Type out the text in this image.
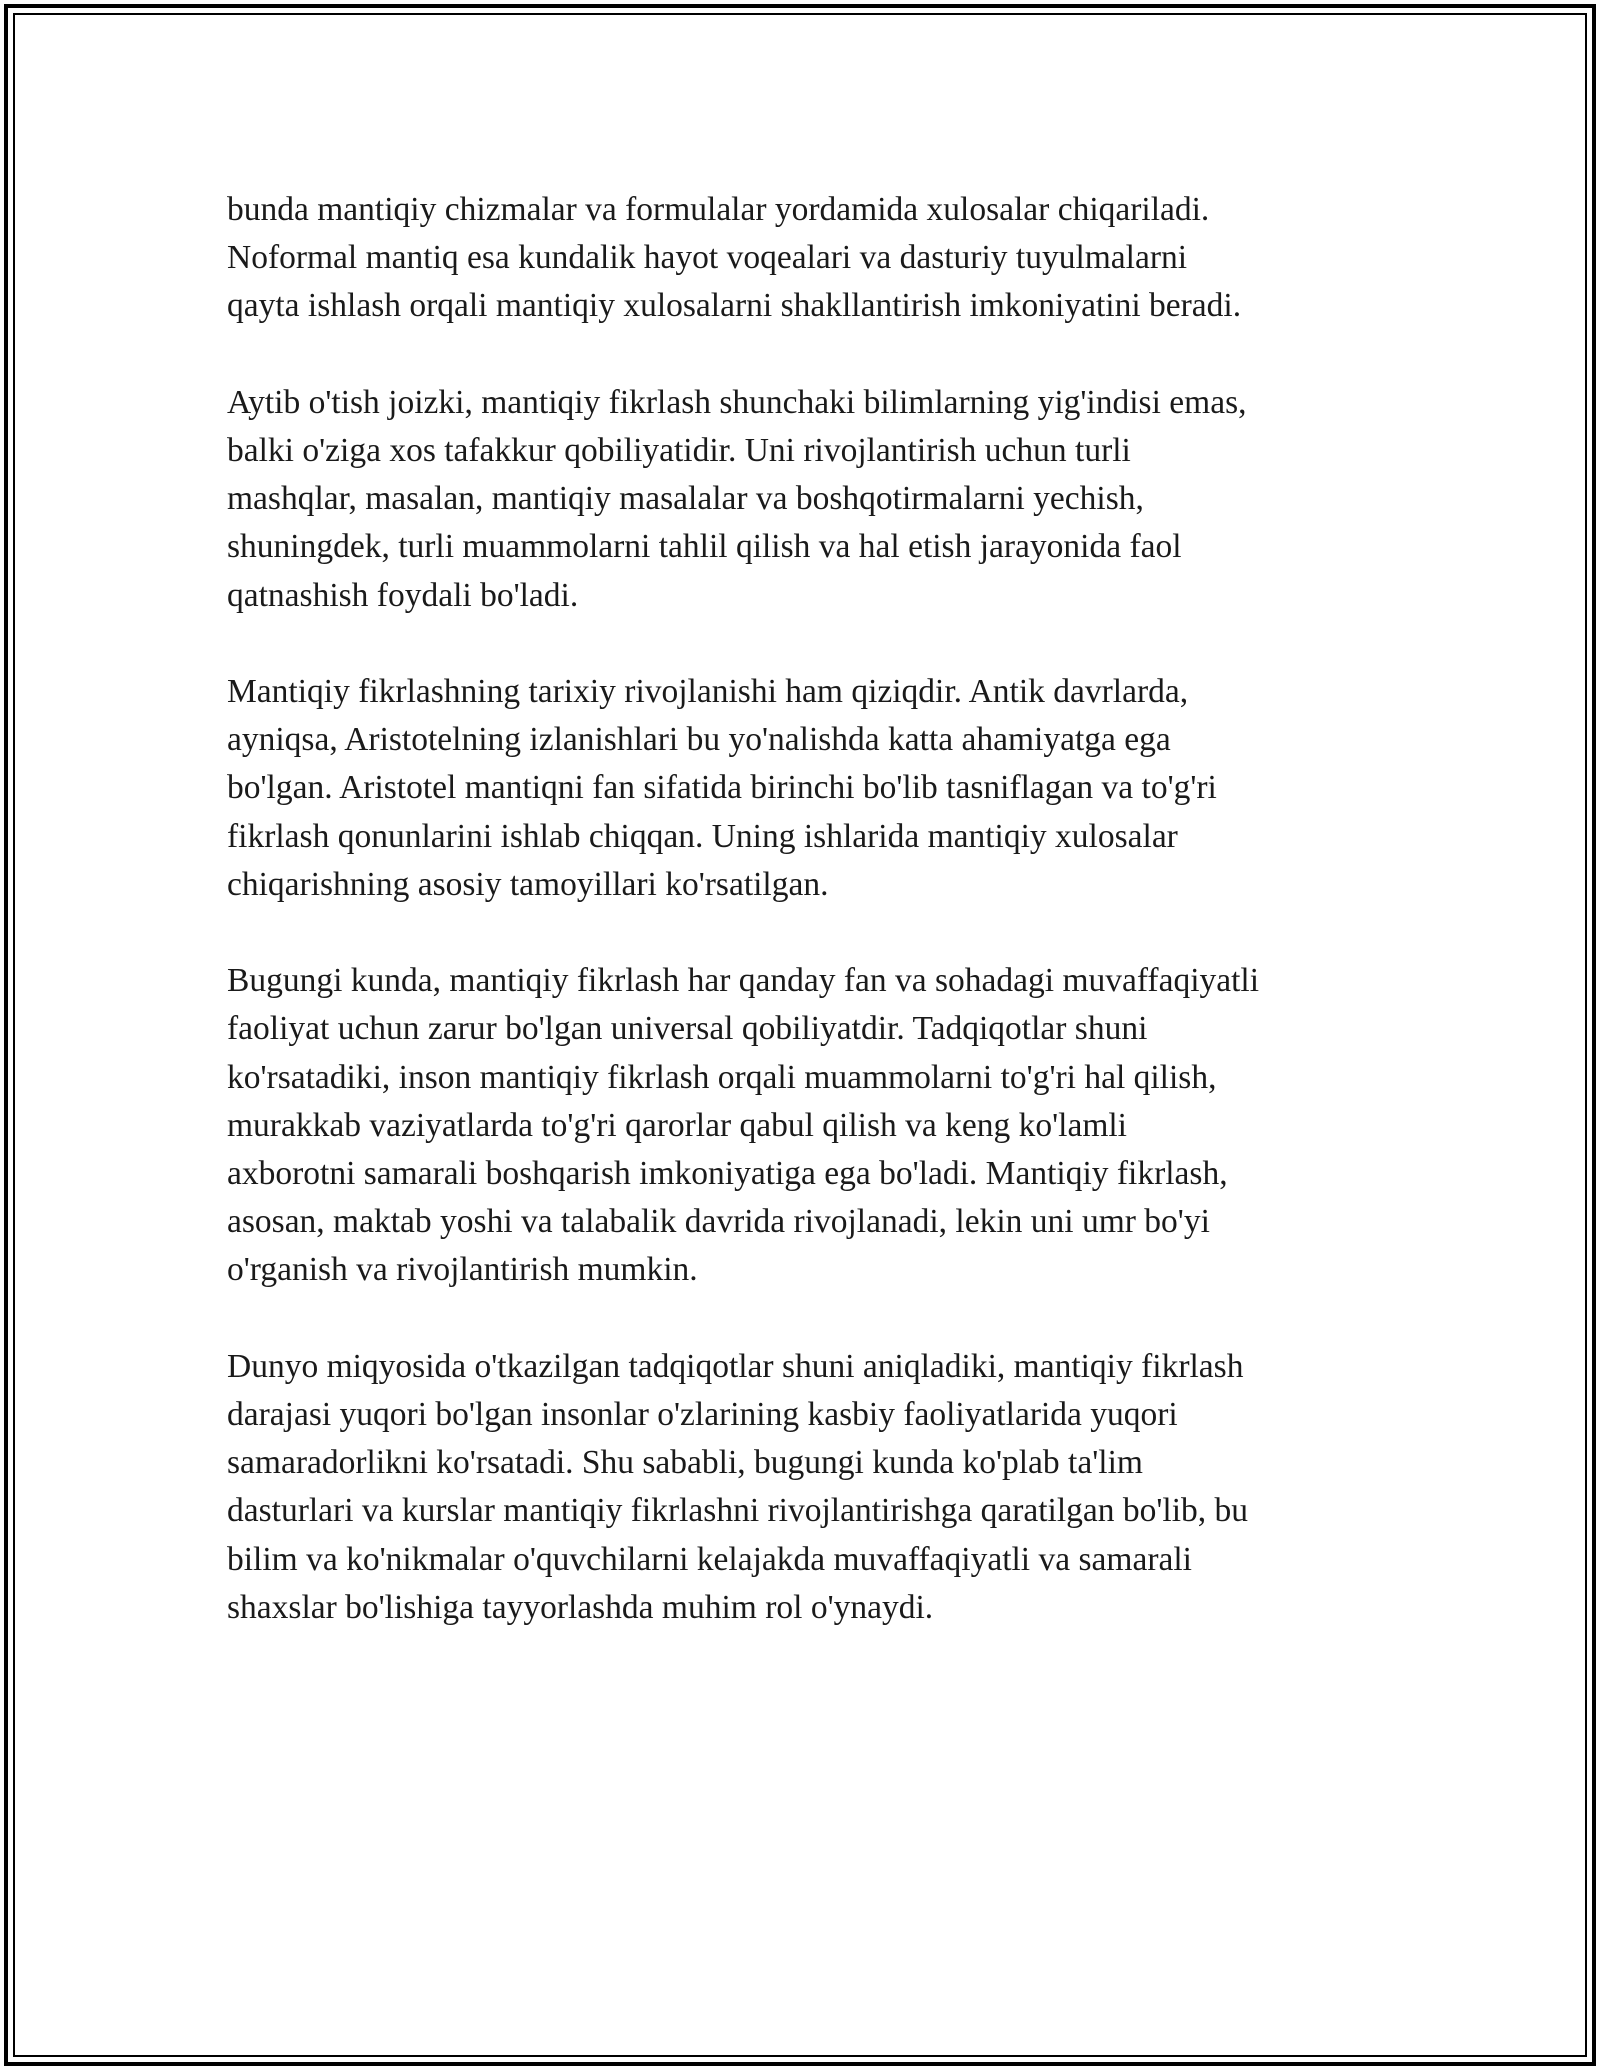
bunda mantiqiy chizmalar va formulalar yordamida xulosalar chiqariladi.
Noformal mantiq esa kundalik hayot voqealari va dasturiy tuyulmalarni
qayta ishlash orqali mantiqiy xulosalarni shakllantirish imkoniyatini beradi.

Aytib o'tish joizki, mantiqiy fikrlash shunchaki bilimlarning yig'indisi emas,
balki o'ziga xos tafakkur qobiliyatidir. Uni rivojlantirish uchun turli
mashqlar, masalan, mantiqiy masalalar va boshqotirmalarni yechish,
shuningdek, turli muammolarni tahlil qilish va hal etish jarayonida faol
qatnashish foydali bo'ladi.

Mantiqiy fikrlashning tarixiy rivojlanishi ham qiziqdir. Antik davrlarda,
ayniqsa, Aristotelning izlanishlari bu yo'nalishda katta ahamiyatga ega
bo'lgan. Aristotel mantiqni fan sifatida birinchi bo'lib tasniflagan va to'g'ri
fikrlash qonunlarini ishlab chiqqan. Uning ishlarida mantiqiy xulosalar
chiqarishning asosiy tamoyillari ko'rsatilgan.

Bugungi kunda, mantiqiy fikrlash har qanday fan va sohadagi muvaffaqiyatli
faoliyat uchun zarur bo'lgan universal qobiliyatdir. Tadqiqotlar shuni
ko'rsatadiki, inson mantiqiy fikrlash orqali muammolarni to'g'ri hal qilish,
murakkab vaziyatlarda to'g'ri qarorlar qabul qilish va keng ko'lamli
axborotni samarali boshqarish imkoniyatiga ega bo'ladi. Mantiqiy fikrlash,
asosan, maktab yoshi va talabalik davrida rivojlanadi, lekin uni umr bo'yi
o'rganish va rivojlantirish mumkin.

Dunyo miqyosida o'tkazilgan tadqiqotlar shuni aniqladiki, mantiqiy fikrlash
darajasi yuqori bo'lgan insonlar o'zlarining kasbiy faoliyatlarida yuqori
samaradorlikni ko'rsatadi. Shu sababli, bugungi kunda ko'plab ta'lim
dasturlari va kurslar mantiqiy fikrlashni rivojlantirishga qaratilgan bo'lib, bu
bilim va ko'nikmalar o'quvchilarni kelajakda muvaffaqiyatli va samarali
shaxslar bo'lishiga tayyorlashda muhim rol o'ynaydi.
